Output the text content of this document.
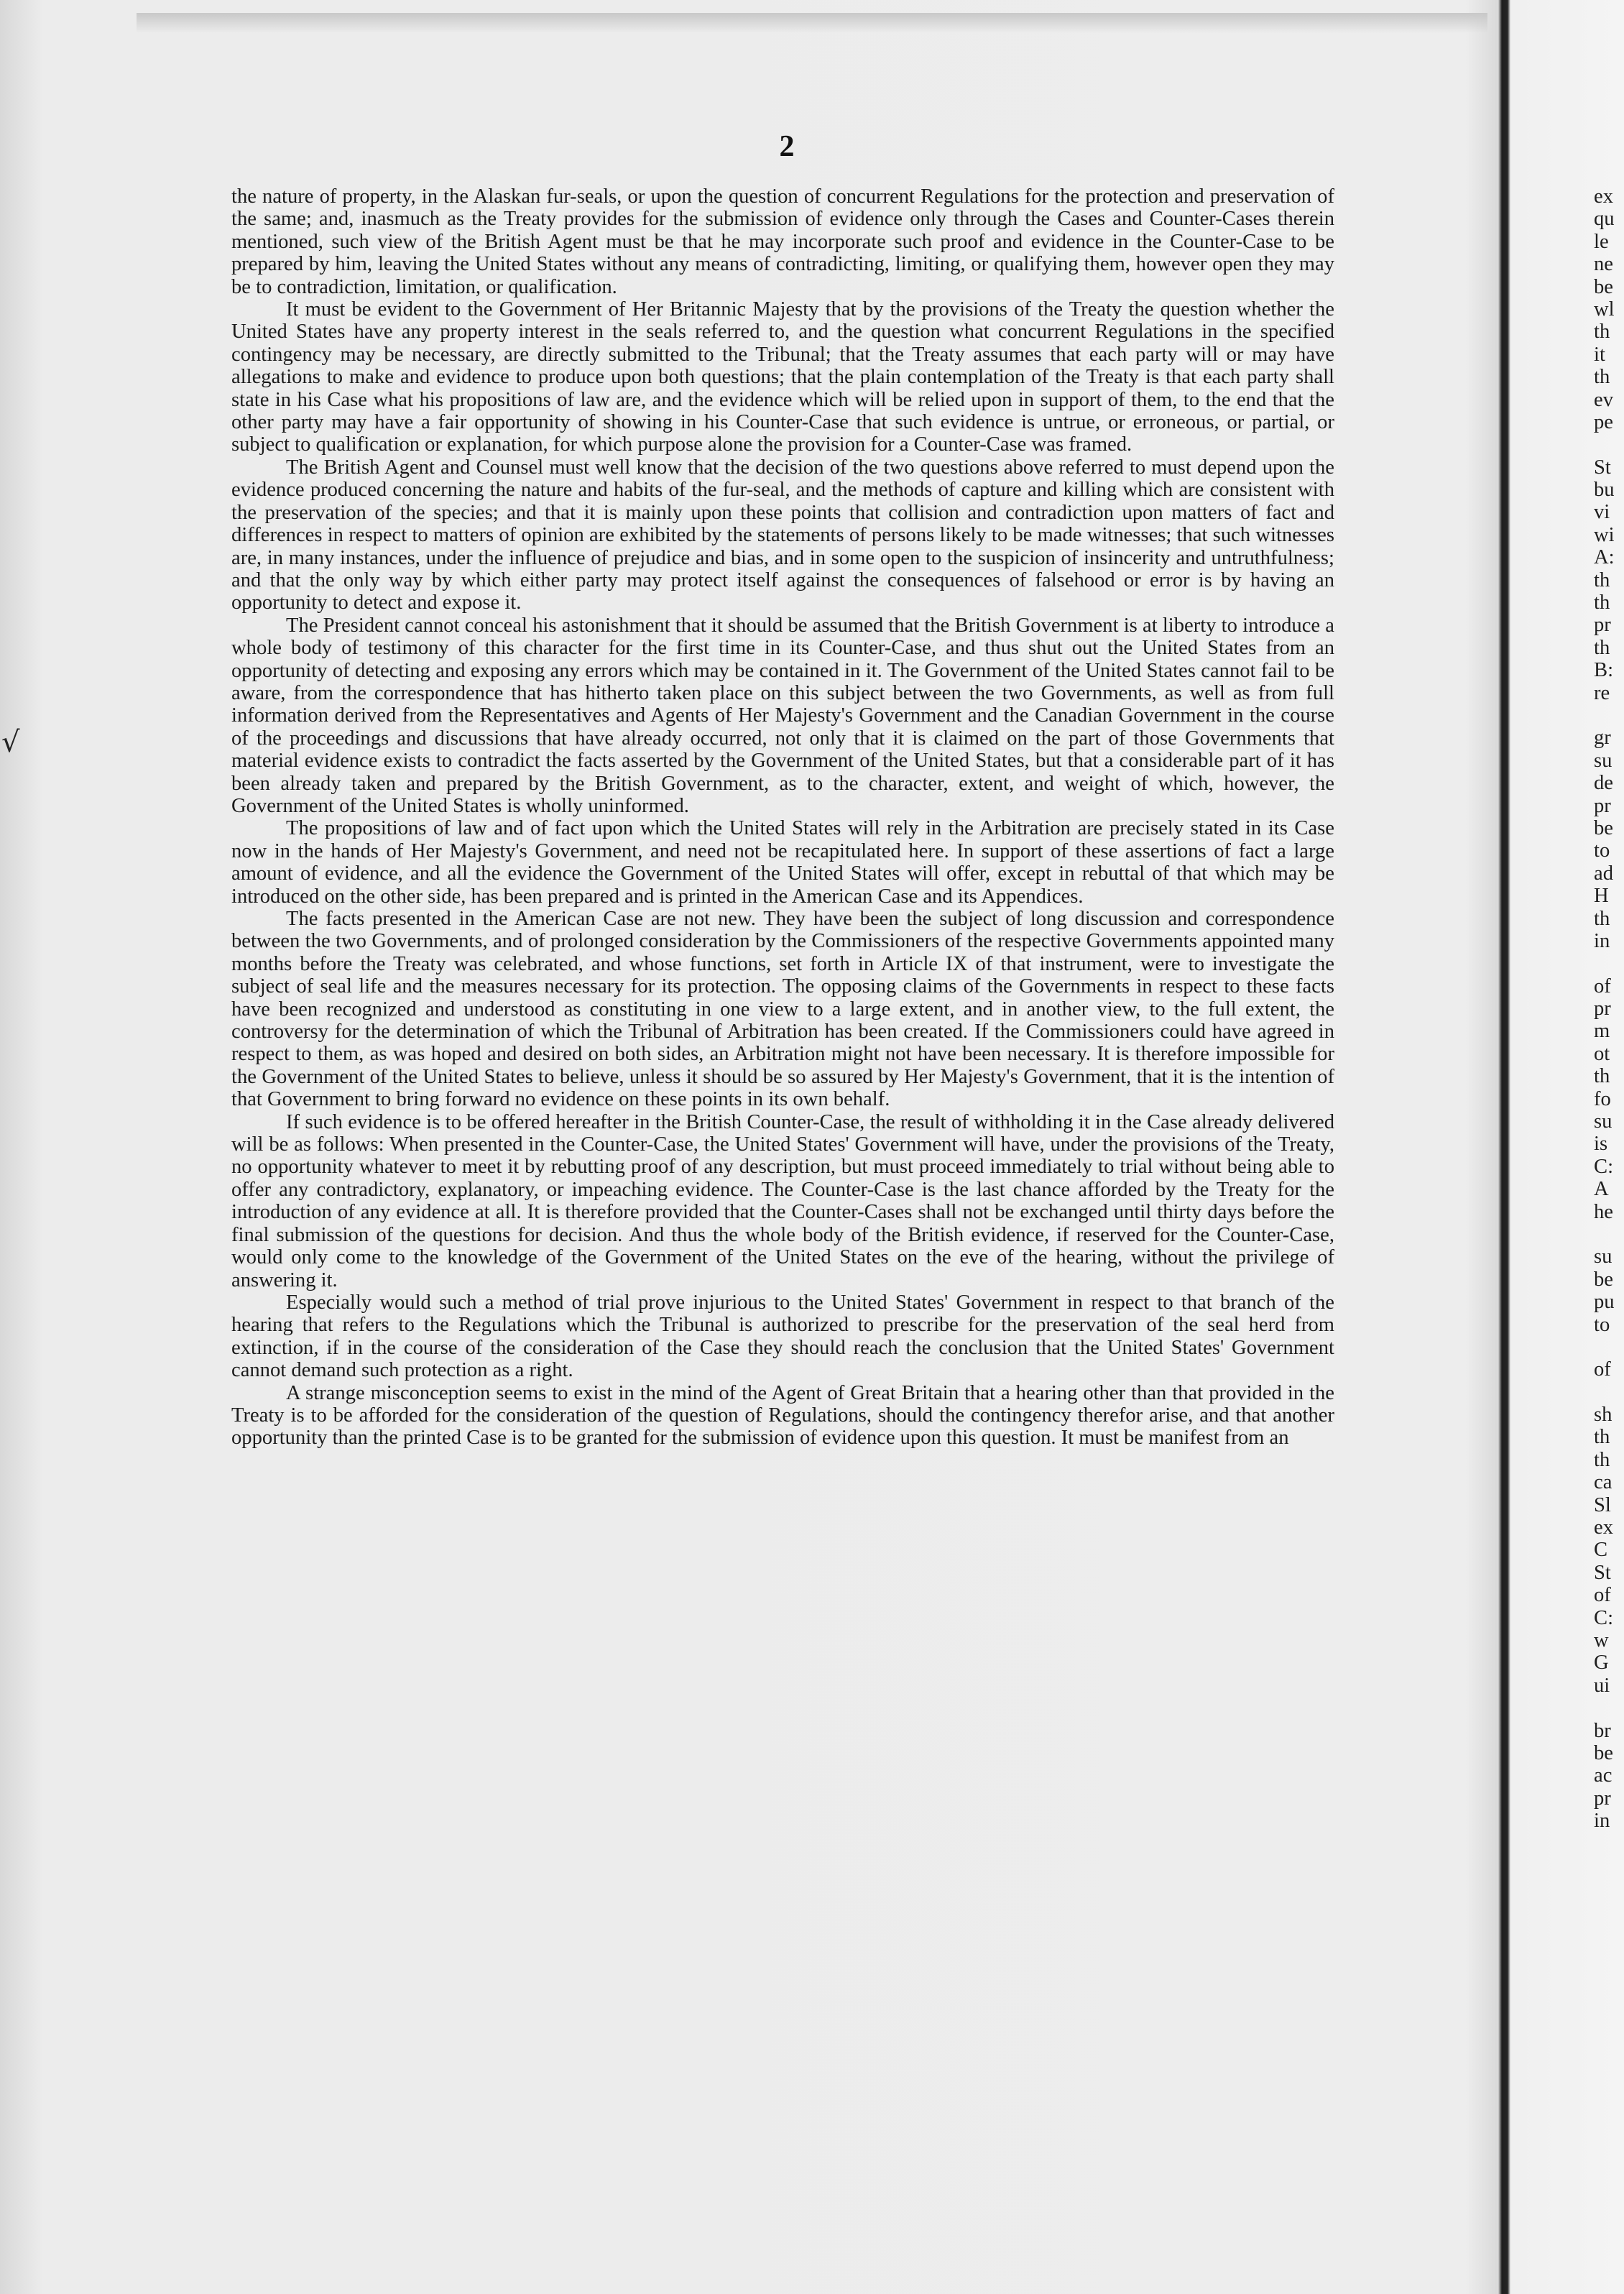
√
2

the nature of property, in the Alaskan fur-seals, or upon the question of concurrent Regulations for the protection and preservation of the same; and, inasmuch as the Treaty provides for the submission of evidence only through the Cases and Counter-Cases therein mentioned, such view of the British Agent must be that he may incorporate such proof and evidence in the Counter-Case to be prepared by him, leaving the United States without any means of contradicting, limiting, or qualifying them, however open they may be to contradiction, limitation, or qualification.

It must be evident to the Government of Her Britannic Majesty that by the provisions of the Treaty the question whether the United States have any property interest in the seals referred to, and the question what concurrent Regulations in the specified contingency may be necessary, are directly submitted to the Tribunal; that the Treaty assumes that each party will or may have allegations to make and evidence to produce upon both questions; that the plain contemplation of the Treaty is that each party shall state in his Case what his propositions of law are, and the evidence which will be relied upon in support of them, to the end that the other party may have a fair opportunity of showing in his Counter-Case that such evidence is untrue, or erroneous, or partial, or subject to qualification or explanation, for which purpose alone the provision for a Counter-Case was framed.

The British Agent and Counsel must well know that the decision of the two questions above referred to must depend upon the evidence produced concerning the nature and habits of the fur-seal, and the methods of capture and killing which are consistent with the preservation of the species; and that it is mainly upon these points that collision and contradiction upon matters of fact and differences in respect to matters of opinion are exhibited by the statements of persons likely to be made witnesses; that such witnesses are, in many instances, under the influence of prejudice and bias, and in some open to the suspicion of insincerity and untruthfulness; and that the only way by which either party may protect itself against the consequences of falsehood or error is by having an opportunity to detect and expose it.

The President cannot conceal his astonishment that it should be assumed that the British Government is at liberty to introduce a whole body of testimony of this character for the first time in its Counter-Case, and thus shut out the United States from an opportunity of detecting and exposing any errors which may be contained in it. The Government of the United States cannot fail to be aware, from the correspondence that has hitherto taken place on this subject between the two Governments, as well as from full information derived from the Representatives and Agents of Her Majesty's Government and the Canadian Government in the course of the proceedings and discussions that have already occurred, not only that it is claimed on the part of those Governments that material evidence exists to contradict the facts asserted by the Government of the United States, but that a considerable part of it has been already taken and prepared by the British Government, as to the character, extent, and weight of which, however, the Government of the United States is wholly uninformed.

The propositions of law and of fact upon which the United States will rely in the Arbitration are precisely stated in its Case now in the hands of Her Majesty's Government, and need not be recapitulated here. In support of these assertions of fact a large amount of evidence, and all the evidence the Government of the United States will offer, except in rebuttal of that which may be introduced on the other side, has been prepared and is printed in the American Case and its Appendices.

The facts presented in the American Case are not new. They have been the subject of long discussion and correspondence between the two Governments, and of prolonged consideration by the Commissioners of the respective Governments appointed many months before the Treaty was celebrated, and whose functions, set forth in Article IX of that instrument, were to investigate the subject of seal life and the measures necessary for its protection. The opposing claims of the Governments in respect to these facts have been recognized and understood as constituting in one view to a large extent, and in another view, to the full extent, the controversy for the determination of which the Tribunal of Arbitration has been created. If the Commissioners could have agreed in respect to them, as was hoped and desired on both sides, an Arbitration might not have been necessary. It is therefore impossible for the Government of the United States to believe, unless it should be so assured by Her Majesty's Government, that it is the intention of that Government to bring forward no evidence on these points in its own behalf.

If such evidence is to be offered hereafter in the British Counter-Case, the result of withholding it in the Case already delivered will be as follows: When presented in the Counter-Case, the United States' Government will have, under the provisions of the Treaty, no opportunity whatever to meet it by rebutting proof of any description, but must proceed immediately to trial without being able to offer any contradictory, explanatory, or impeaching evidence. The Counter-Case is the last chance afforded by the Treaty for the introduction of any evidence at all. It is therefore provided that the Counter-Cases shall not be exchanged until thirty days before the final submission of the questions for decision. And thus the whole body of the British evidence, if reserved for the Counter-Case, would only come to the knowledge of the Government of the United States on the eve of the hearing, without the privilege of answering it.

Especially would such a method of trial prove injurious to the United States' Government in respect to that branch of the hearing that refers to the Regulations which the Tribunal is authorized to prescribe for the preservation of the seal herd from extinction, if in the course of the consideration of the Case they should reach the conclusion that the United States' Government cannot demand such protection as a right.

A strange misconception seems to exist in the mind of the Agent of Great Britain that a hearing other than that provided in the Treaty is to be afforded for the consideration of the question of Regulations, should the contingency therefor arise, and that another opportunity than the printed Case is to be granted for the submission of evidence upon this question. It must be manifest from an

ex
qu
le
ne
be
wl
th
it
th
ev
pe
St
bu
vi
wi
A:
th
th
pr
th
B:
re
gr
su
de
pr
be
to
ad
H
th
in
of
pr
m
ot
th
fo
su
is
C:
A
he
su
be
pu
to
of
sh
th
th
ca
Sl
ex
C
St
of
C:
w
G
ui
br
be
ac
pr
in
